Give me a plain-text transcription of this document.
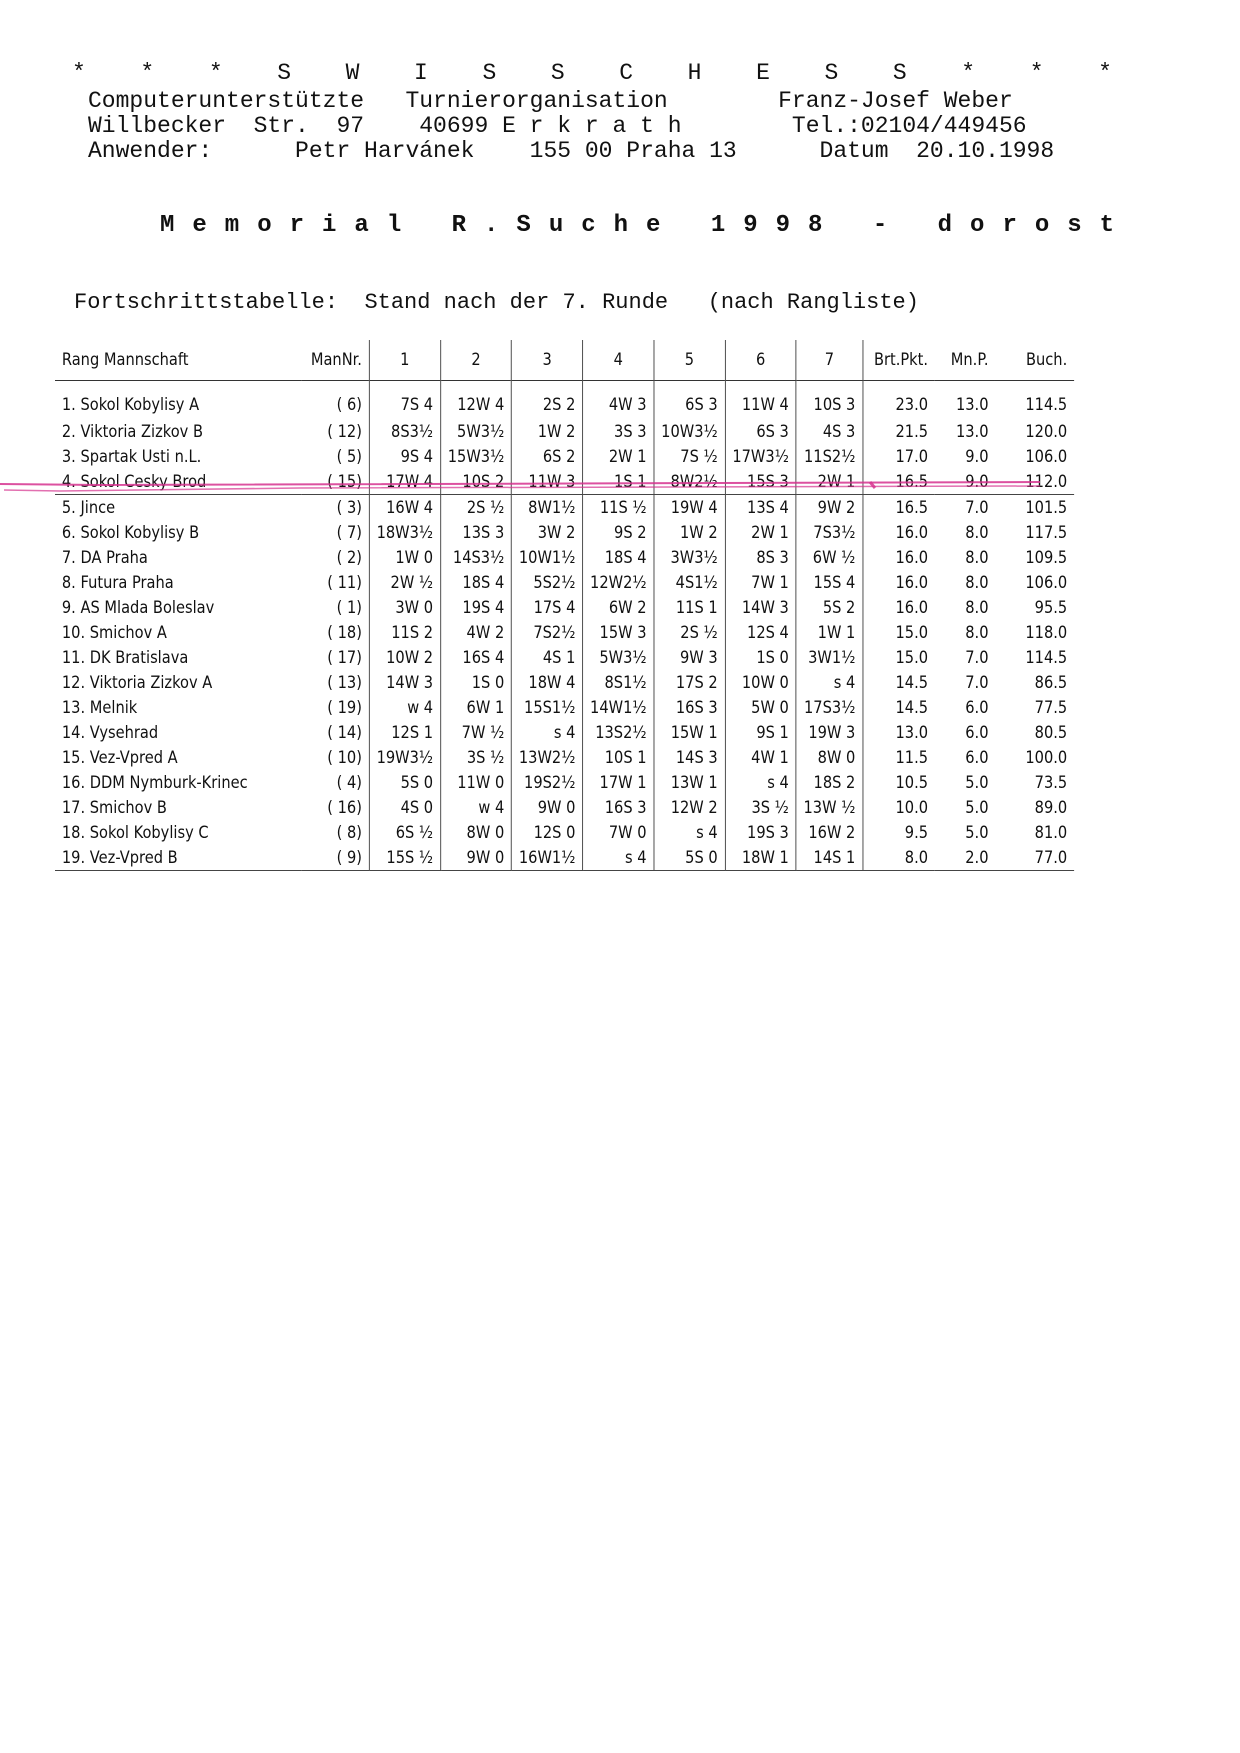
* * * S W I S S C H E S S * * *
Computerunterstützte   Turnierorganisation        Franz-Josef Weber
Willbecker  Str.  97    40699 E r k r a t h        Tel.:02104/449456
Anwender:      Petr Harvánek    155 00 Praha 13      Datum  20.10.1998
Memorial R.Suche 1998 - dorost
Fortschrittstabelle:  Stand nach der 7. Runde   (nach Rangliste)
Rang Mannschaft	ManNr.	1	2	3	4	5	6	7	Brt.Pkt.	Mn.P.	Buch.
1. Sokol Kobylisy A	( 6)	7S 4	12W 4	2S 2	4W 3	6S 3	11W 4	10S 3	23.0	13.0	114.5
2. Viktoria Zizkov B	( 12)	8S3½	5W3½	1W 2	3S 3	10W3½	6S 3	4S 3	21.5	13.0	120.0
3. Spartak Usti n.L.	( 5)	9S 4	15W3½	6S 2	2W 1	7S ½	17W3½	11S2½	17.0	9.0	106.0
4. Sokol Cesky Brod	( 15)	17W 4	10S 2	11W 3	1S 1	8W2½	15S 3	2W 1	16.5	9.0	112.0
5. Jince	( 3)	16W 4	2S ½	8W1½	11S ½	19W 4	13S 4	9W 2	16.5	7.0	101.5
6. Sokol Kobylisy B	( 7)	18W3½	13S 3	3W 2	9S 2	1W 2	2W 1	7S3½	16.0	8.0	117.5
7. DA Praha	( 2)	1W 0	14S3½	10W1½	18S 4	3W3½	8S 3	6W ½	16.0	8.0	109.5
8. Futura Praha	( 11)	2W ½	18S 4	5S2½	12W2½	4S1½	7W 1	15S 4	16.0	8.0	106.0
9. AS Mlada Boleslav	( 1)	3W 0	19S 4	17S 4	6W 2	11S 1	14W 3	5S 2	16.0	8.0	95.5
10. Smichov A	( 18)	11S 2	4W 2	7S2½	15W 3	2S ½	12S 4	1W 1	15.0	8.0	118.0
11. DK Bratislava	( 17)	10W 2	16S 4	4S 1	5W3½	9W 3	1S 0	3W1½	15.0	7.0	114.5
12. Viktoria Zizkov A	( 13)	14W 3	1S 0	18W 4	8S1½	17S 2	10W 0	s 4	14.5	7.0	86.5
13. Melnik	( 19)	w 4	6W 1	15S1½	14W1½	16S 3	5W 0	17S3½	14.5	6.0	77.5
14. Vysehrad	( 14)	12S 1	7W ½	s 4	13S2½	15W 1	9S 1	19W 3	13.0	6.0	80.5
15. Vez-Vpred A	( 10)	19W3½	3S ½	13W2½	10S 1	14S 3	4W 1	8W 0	11.5	6.0	100.0
16. DDM Nymburk-Krinec	( 4)	5S 0	11W 0	19S2½	17W 1	13W 1	s 4	18S 2	10.5	5.0	73.5
17. Smichov B	( 16)	4S 0	w 4	9W 0	16S 3	12W 2	3S ½	13W ½	10.0	5.0	89.0
18. Sokol Kobylisy C	( 8)	6S ½	8W 0	12S 0	7W 0	s 4	19S 3	16W 2	9.5	5.0	81.0
19. Vez-Vpred B	( 9)	15S ½	9W 0	16W1½	s 4	5S 0	18W 1	14S 1	8.0	2.0	77.0
